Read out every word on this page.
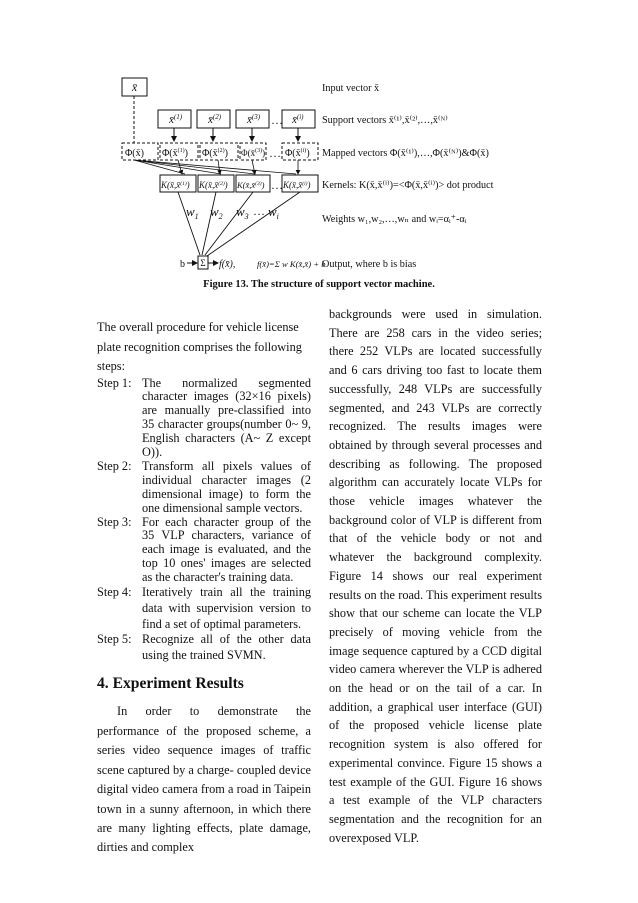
x̄
x̄$^{(1)}$ x̄$^{(2)}$ x̄$^{(3)}$	x̄$^{(i)}$
…
Φ(x̄) Φ(x̄$^{(1)}$) Φ(x̄$^{(2)}$) Φ(x̄$^{(3)}$) Φ(x̄$^{(i)}$)
…
K(x̄,x̄$^{(1)}$) K(x̄,x̄$^{(2)}$) K(x̄,x̄$^{(3)}$) K(x̄,x̄$^{(i)}$)
…
$w_1$ $w_2$ $w_3$ … $w_i$
b Σ f(x̄),	f(x̄)=Σ w K(x̄,x̄) + b
Input vector x̄
Support vectors x̄⁽¹⁾,x̄⁽²⁾,…,x̄⁽ᴺ⁾
Mapped vectors Φ(x̄⁽¹⁾),…,Φ(x̄⁽ᴺ⁾)&Φ(x̄)
Kernels: K(x̄,x̄⁽ⁱ⁾)=<Φ(x̄,x̄⁽ⁱ⁾)> dot product
Weights w₁,w₂,…,wₙ and wᵢ=αᵢ⁺-αᵢ
Output, where b is bias
Figure 13. The structure of support vector machine.

The overall procedure for vehicle license plate recognition comprises the following steps:

Step 1: The normalized segmented character images (32×16 pixels) are manually pre-classified into 35 character groups(number 0~ 9, English characters (A~ Z except O)).

Step 2: Transform all pixels values of individual character images (2 dimensional image) to form the one dimensional sample vectors.

Step 3: For each character group of the 35 VLP characters, variance of each image is evaluated, and the top 10 ones' images are selected as the character's training data.

Step 4: Iteratively train all the training data with supervision version to find a set of optimal parameters.

Step 5: Recognize all of the other data using the trained SVMN.

4. Experiment Results

In order to demonstrate the performance of the proposed scheme, a series video sequence images of traffic scene captured by a charge- coupled device digital video camera from a road in Taipein town in a sunny afternoon, in which there are many lighting effects, plate damage, dirties and complex

backgrounds were used in simulation. There are 258 cars in the video series; there 252 VLPs are located successfully and 6 cars driving too fast to locate them successfully, 248 VLPs are successfully segmented, and 243 VLPs are correctly recognized. The results images were obtained by through several processes and describing as following. The proposed algorithm can accurately locate VLPs for those vehicle images whatever the background color of VLP is different from that of the vehicle body or not and whatever the background complexity. Figure 14 shows our real experiment results on the road. This experiment results show that our scheme can locate the VLP precisely of moving vehicle from the image sequence captured by a CCD digital video camera wherever the VLP is adhered on the head or on the tail of a car. In addition, a graphical user interface (GUI) of the proposed vehicle license plate recognition system is also offered for experimental convince. Figure 15 shows a test example of the GUI. Figure 16 shows a test example of the VLP characters segmentation and the recognition for an overexposed VLP.
